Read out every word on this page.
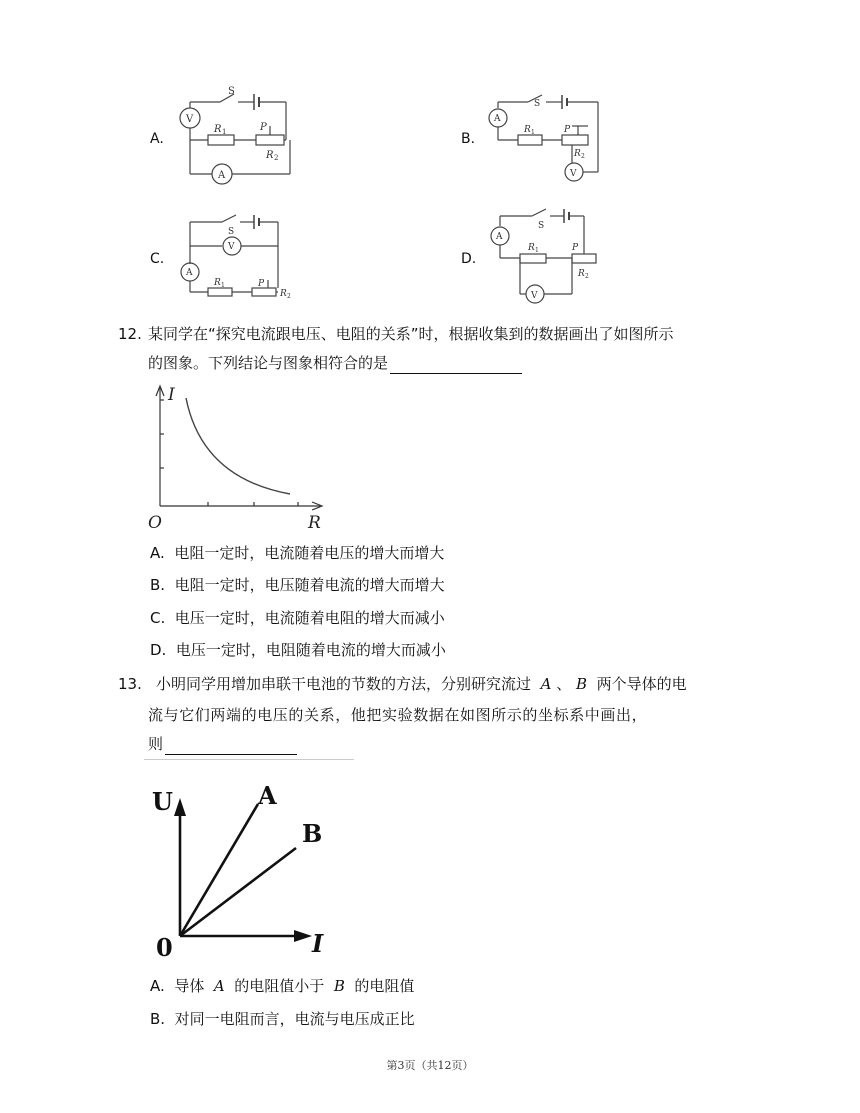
A.	B.
C.	D.
V
A
S
R 1	P
R 2
A
V
S
R 1	P
R 2
V
A
S
R 1	P
R 2
A
V
S
R 1	P
R 2
12. 某同学在“探究电流跟电压、电阻的关系”时，根据收集到的数据画出了如图所示
的图象。下列结论与图象相符合的是
I
R
O
A. 电阻一定时，电流随着电压的增大而增大
B. 电阻一定时，电压随着电流的增大而增大
C. 电压一定时，电流随着电阻的增大而减小
D. 电压一定时，电阻随着电流的增大而减小
13. 小明同学用增加串联干电池的节数的方法，分别研究流过 A 、 B 两个导体的电
流与它们两端的电压的关系，他把实验数据在如图所示的坐标系中画出，
则
U
I
0
A
B
A. 导体 A 的电阻值小于 B 的电阻值
B. 对同一电阻而言，电流与电压成正比
第3页（共12页）
